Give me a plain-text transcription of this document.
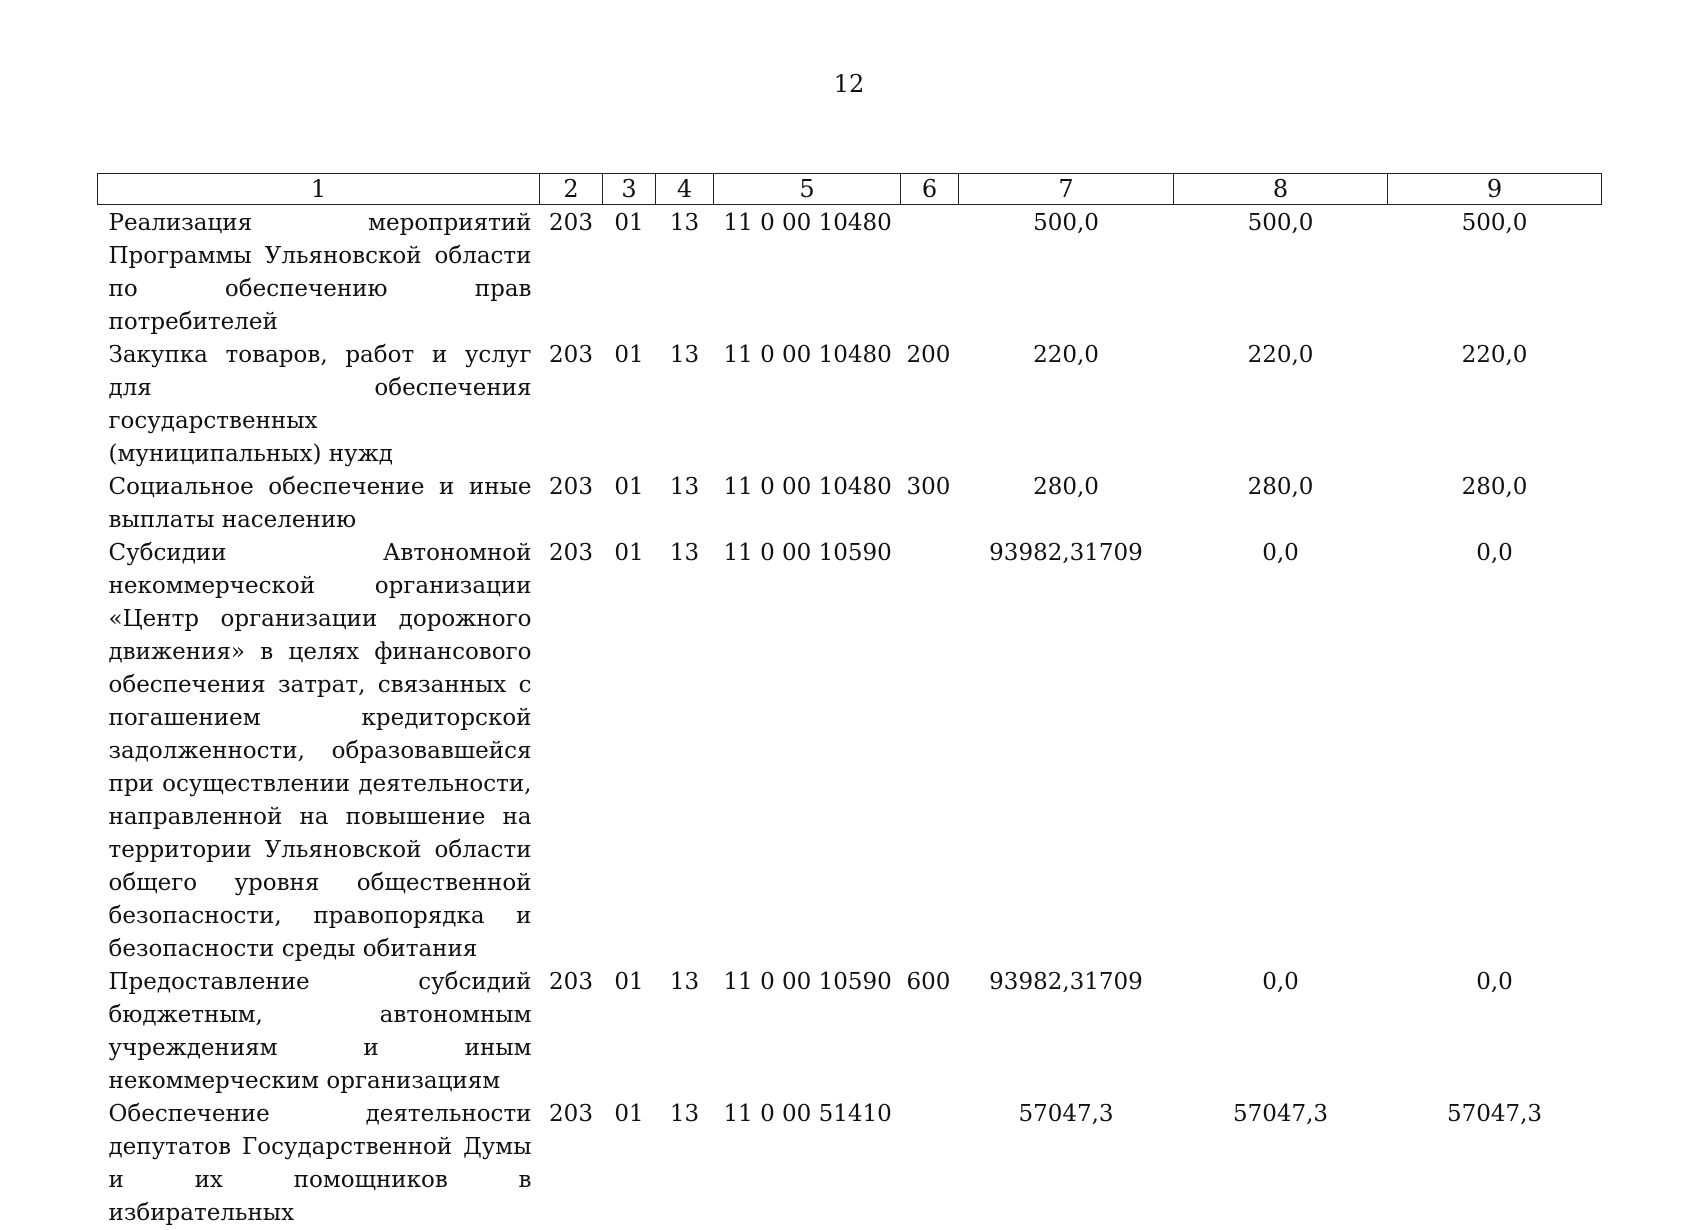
12
1	2	3	4	5	6	7	8	9
Реализация мероприятий Программы Ульяновской области по обеспечению прав потребителей	203	01	13	11 0 00 10480		500,0	500,0	500,0
Закупка товаров, работ и услуг для обеспечения государственных (муниципальных) нужд	203	01	13	11 0 00 10480	200	220,0	220,0	220,0
Социальное обеспечение и иные выплаты населению	203	01	13	11 0 00 10480	300	280,0	280,0	280,0
Субсидии Автономной некоммерческой организации «Центр организации дорожного движения» в целях финансового обеспечения затрат, связанных с погашением кредиторской задолженности, образовавшейся при осуществлении деятельности, направленной на повышение на территории Ульяновской области общего уровня общественной безопасности, правопорядка и безопасности среды обитания	203	01	13	11 0 00 10590		93982,31709	0,0	0,0
Предоставление субсидий бюджетным, автономным учреждениям и иным некоммерческим организациям	203	01	13	11 0 00 10590	600	93982,31709	0,0	0,0
Обеспечение деятельности депутатов Государственной Думы и их помощников в избирательных	203	01	13	11 0 00 51410		57047,3	57047,3	57047,3
